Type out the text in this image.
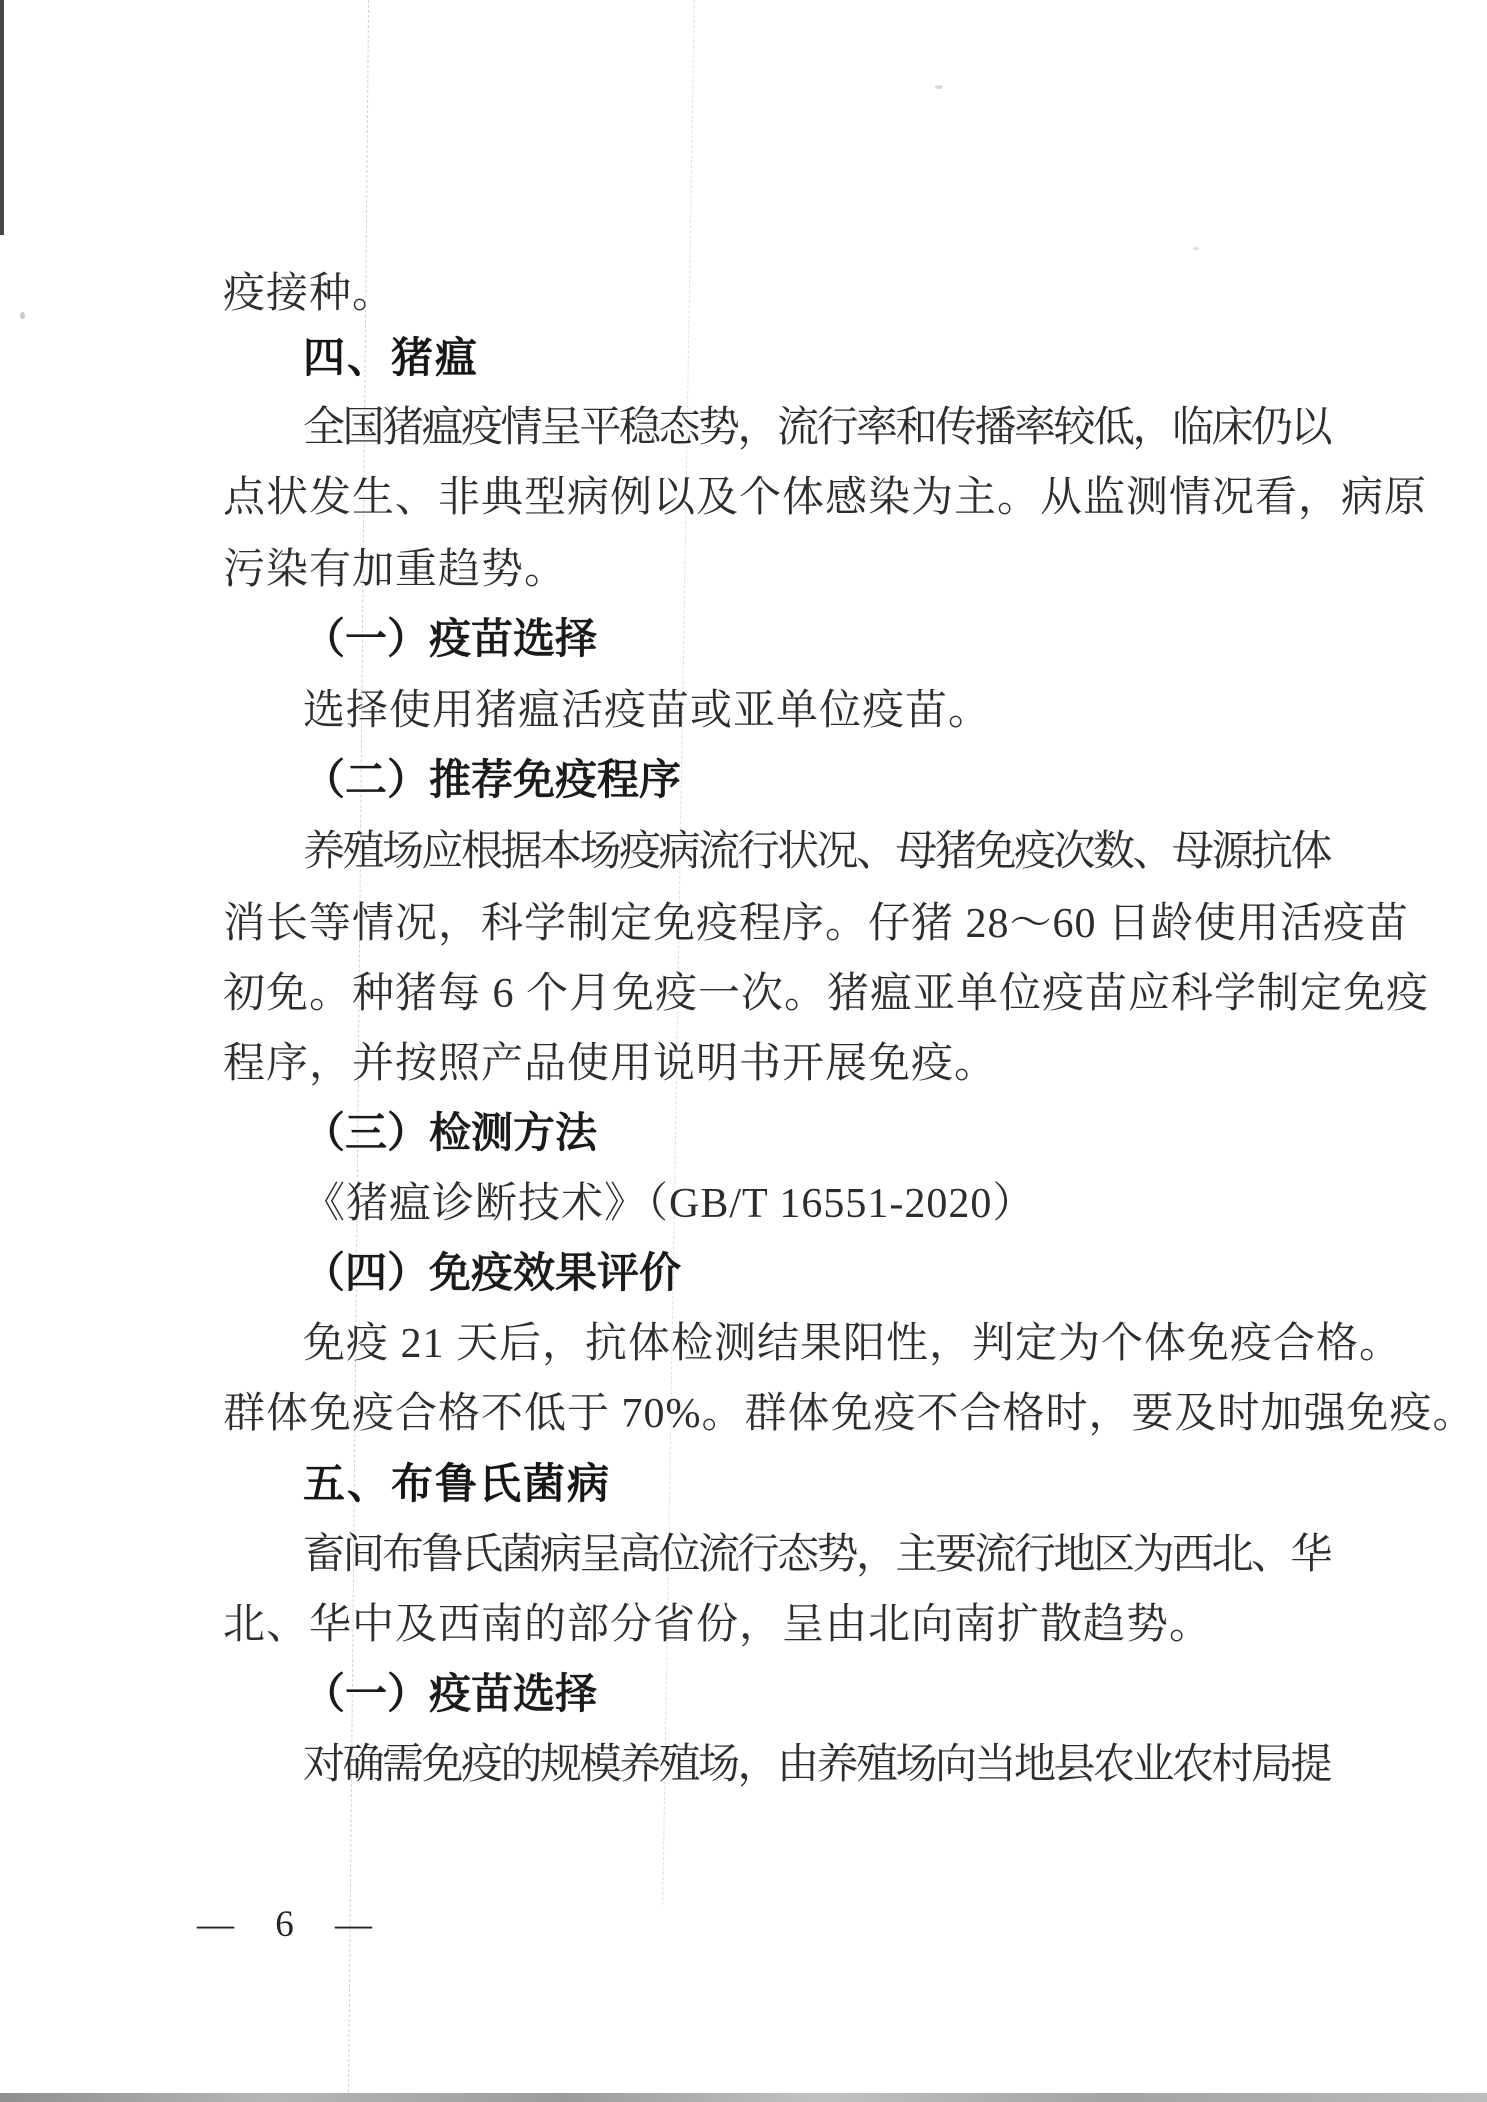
疫接种。
四、猪瘟
全国猪瘟疫情呈平稳态势，流行率和传播率较低，临床仍以
点状发生、非典型病例以及个体感染为主。从监测情况看，病原
污染有加重趋势。
（一）疫苗选择
选择使用猪瘟活疫苗或亚单位疫苗。
（二）推荐免疫程序
养殖场应根据本场疫病流行状况、母猪免疫次数、母源抗体
消长等情况，科学制定免疫程序。仔猪 28～60 日龄使用活疫苗
初免。种猪每 6 个月免疫一次。猪瘟亚单位疫苗应科学制定免疫
程序，并按照产品使用说明书开展免疫。
（三）检测方法
《猪瘟诊断技术》（GB/T 16551-2020）
（四）免疫效果评价
免疫 21 天后，抗体检测结果阳性，判定为个体免疫合格。
群体免疫合格不低于 70%。群体免疫不合格时，要及时加强免疫。
五、布鲁氏菌病
畜间布鲁氏菌病呈高位流行态势，主要流行地区为西北、华
北、华中及西南的部分省份，呈由北向南扩散趋势。
（一）疫苗选择
对确需免疫的规模养殖场，由养殖场向当地县农业农村局提
— 6 —
